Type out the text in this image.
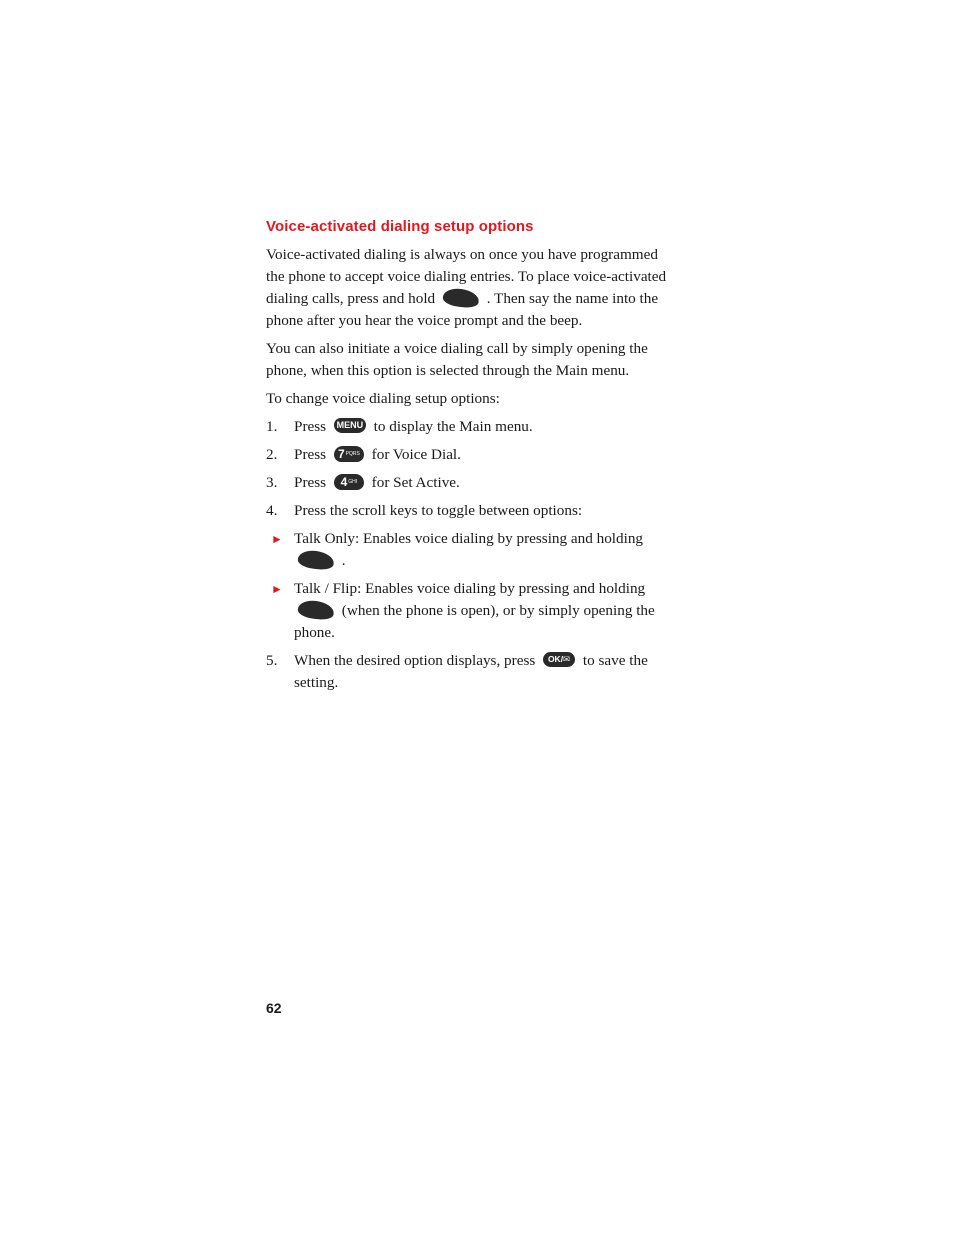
Voice-activated dialing setup options

Voice-activated dialing is always on once you have programmed the phone to accept voice dialing entries. To place voice-activated dialing calls, press and hold	. Then say the name into the phone after you hear the voice prompt and the beep.

You can also initiate a voice dialing call by simply opening the phone, when this option is selected through the Main menu.

To change voice dialing setup options:

1. Press MENU to display the Main menu.
2. Press 7PQRS for Voice Dial.
3. Press 4GHI for Set Active.
4. Press the scroll keys to toggle between options:
► Talk Only: Enables voice dialing by pressing and holding
.
► Talk / Flip: Enables voice dialing by pressing and holding
(when the phone is open), or by simply opening the phone.
5. When the desired option displays, press OK/✉ to save the setting.
62
